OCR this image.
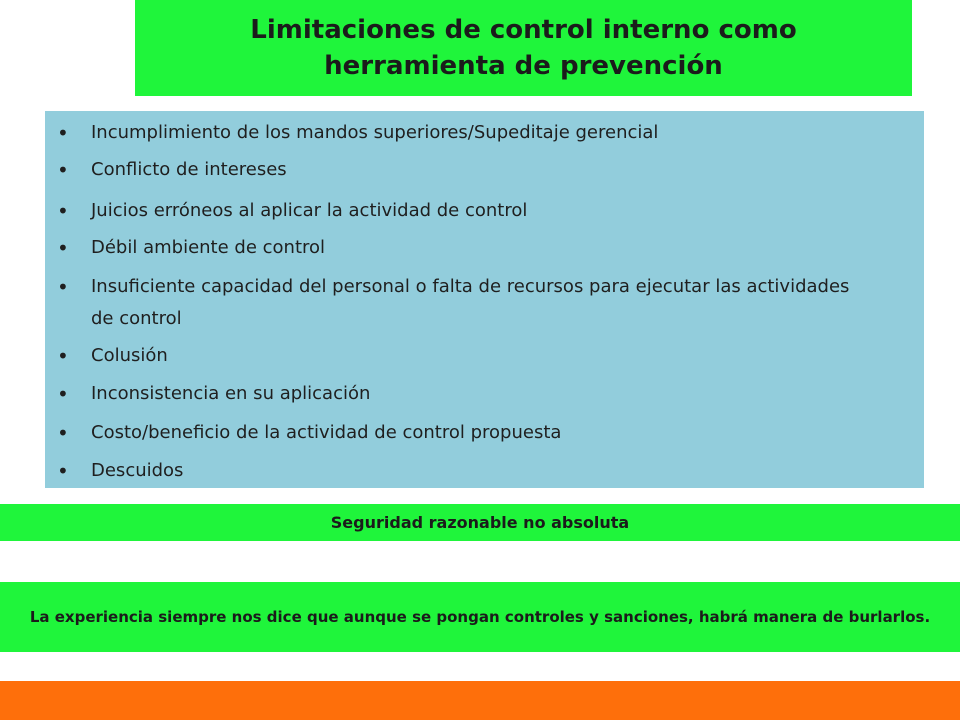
Limitaciones de control interno como
herramienta de prevención
• Incumplimiento de los mandos superiores/Supeditaje gerencial
• Conflicto de intereses
• Juicios erróneos al aplicar la actividad de control
• Débil ambiente de control
• Insuficiente capacidad del personal o falta de recursos para ejecutar las actividades de control
• Colusión
• Inconsistencia en su aplicación
• Costo/beneficio de la actividad de control propuesta
• Descuidos
Seguridad razonable no absoluta
La experiencia siempre nos dice que aunque se pongan controles y sanciones, habrá manera de burlarlos.
